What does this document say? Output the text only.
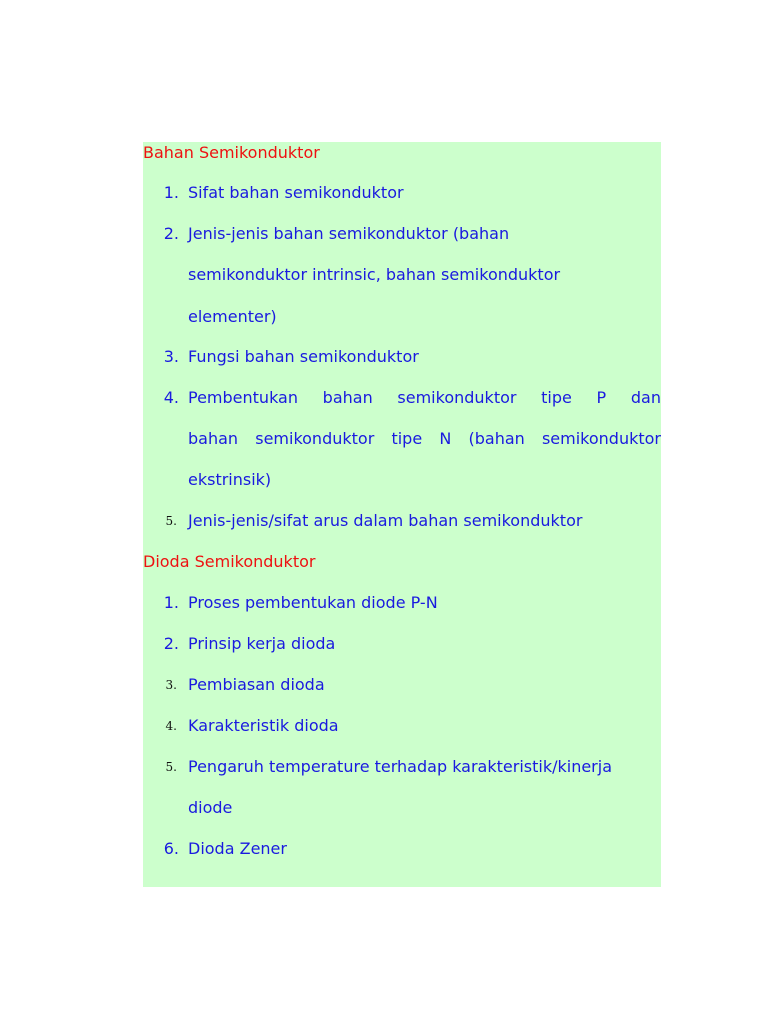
Bahan Semikonduktor
1. Sifat bahan semikonduktor
2. Jenis-jenis bahan semikonduktor (bahan
semikonduktor intrinsic, bahan semikonduktor
elementer)
3. Fungsi bahan semikonduktor
4. Pembentukan bahan semikonduktor tipe P dan
bahan semikonduktor tipe N (bahan semikonduktor
ekstrinsik)
5. Jenis-jenis/sifat arus dalam bahan semikonduktor
Dioda Semikonduktor
1. Proses pembentukan diode P-N
2. Prinsip kerja dioda
3. Pembiasan dioda
4. Karakteristik dioda
5. Pengaruh temperature terhadap karakteristik/kinerja
diode
6. Dioda Zener
